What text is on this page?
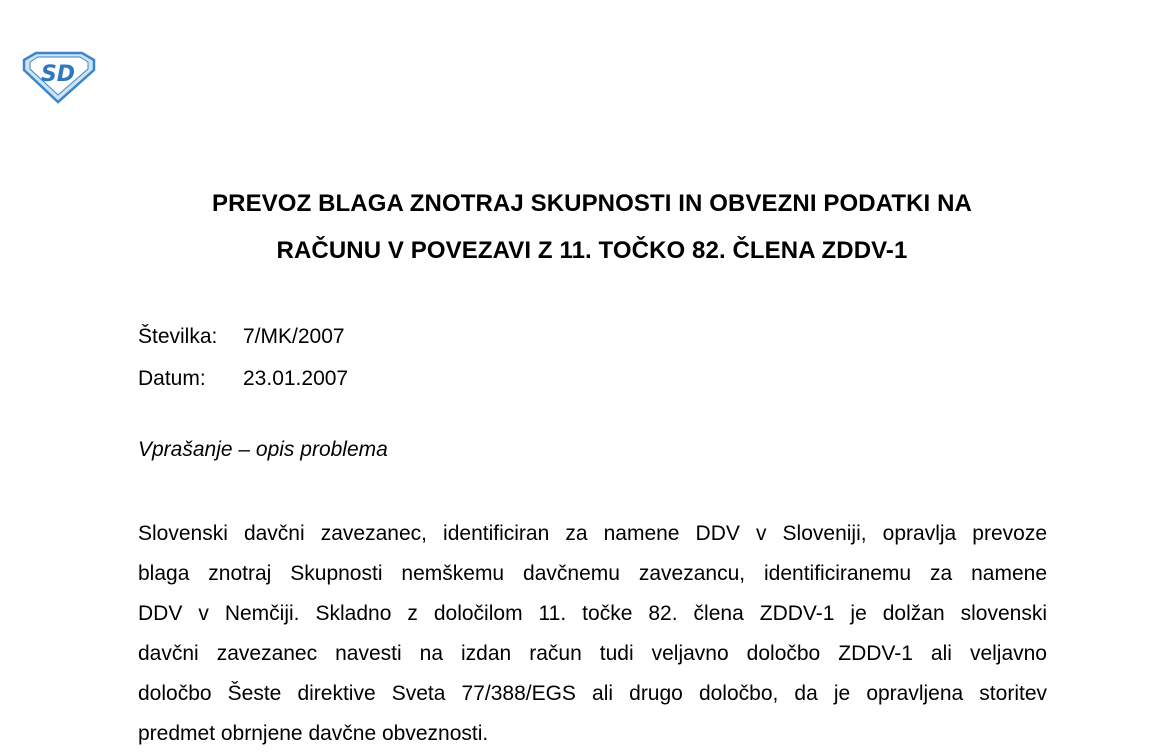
SD
PREVOZ BLAGA ZNOTRAJ SKUPNOSTI IN OBVEZNI PODATKI NA
RAČUNU V POVEZAVI Z 11. TOČKO 82. ČLENA ZDDV-1
Številka:	7/MK/2007
Datum:	23.01.2007
Vprašanje – opis problema
Slovenski davčni zavezanec, identificiran za namene DDV v Sloveniji, opravlja prevoze
blaga znotraj Skupnosti nemškemu davčnemu zavezancu, identificiranemu za namene
DDV v Nemčiji. Skladno z določilom 11. točke 82. člena ZDDV-1 je dolžan slovenski
davčni zavezanec navesti na izdan račun tudi veljavno določbo ZDDV-1 ali veljavno
določbo Šeste direktive Sveta 77/388/EGS ali drugo določbo, da je opravljena storitev
predmet obrnjene davčne obveznosti.
